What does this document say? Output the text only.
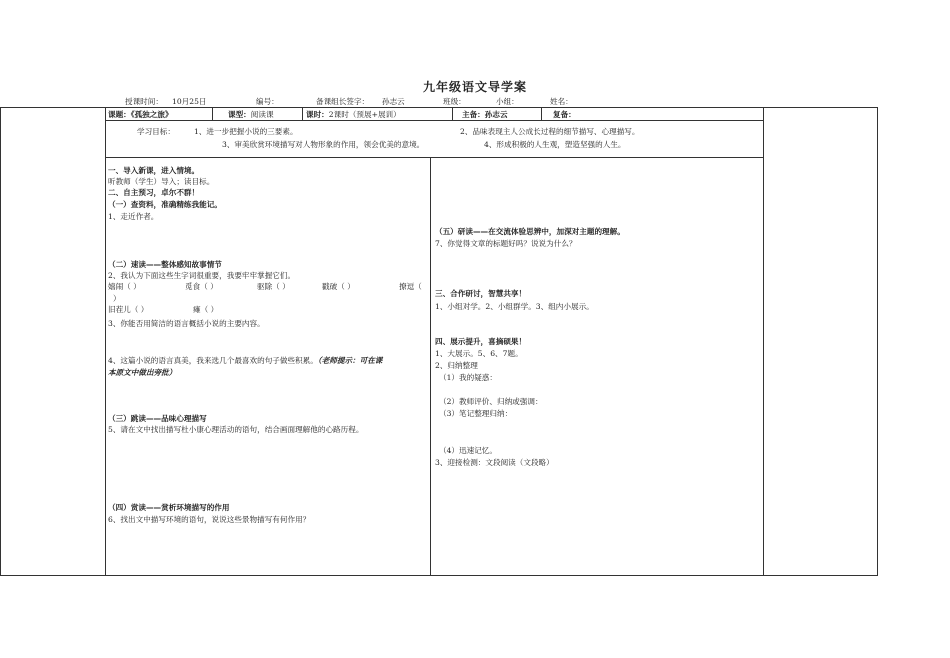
九年级语文导学案
授课时间： 10月25日	编号：	备课组长签字： 孙志云	班级：	小组：	姓名：
课题：《孤独之旅》	课型：阅读课	课时：2课时（预展+展训）	主备：孙志云	复备：
学习目标：	1、进一步把握小说的三要素。	2、品味表现主人公成长过程的细节描写、心理描写。
3、审美欣赏环境描写对人物形象的作用，领会优美的意境。	4、形成积极的人生观，塑造坚强的人生。
一、导入新课，进入情境。
听教师（学生）导入；读目标。
二、自主预习，卓尔不群！
（一）查资料，准确精练我能记。
1、走近作者。
（二）速读——整体感知故事情节
2、我认为下面这些生字词很重要，我要牢牢掌握它们。
嬉闹（ ）	觅食（ ）	驱除（ ）	戳破（ ）	撩逗（
）
旧茬儿（ ）	瘫（ ）
3、你能否用简洁的语言概括小说的主要内容。
4、这篇小说的语言真美，我来选几个最喜欢的句子做些积累。（老师提示：可在课
本原文中做出旁批）
（三）跳读——品味心理描写
5、请在文中找出描写杜小康心理活动的语句，结合画面理解他的心路历程。
（四）赏读——赏析环境描写的作用
6、找出文中描写环境的语句，说说这些景物描写有何作用？
（五）研读——在交流体验思辨中，加深对主题的理解。
7、你觉得文章的标题好吗？说说为什么？
三、合作研讨，智慧共享！
1、小组对学。2、小组群学。3、组内小展示。
四、展示提升，喜摘硕果！
1、大展示。5、6、7题。
2、归纳整理
（1）我的疑惑：
（2）教师评价、归纳或强调：
（3）笔记整理归纳：
（4）迅速记忆。
3、迎接检测：文段阅读（文段略）
